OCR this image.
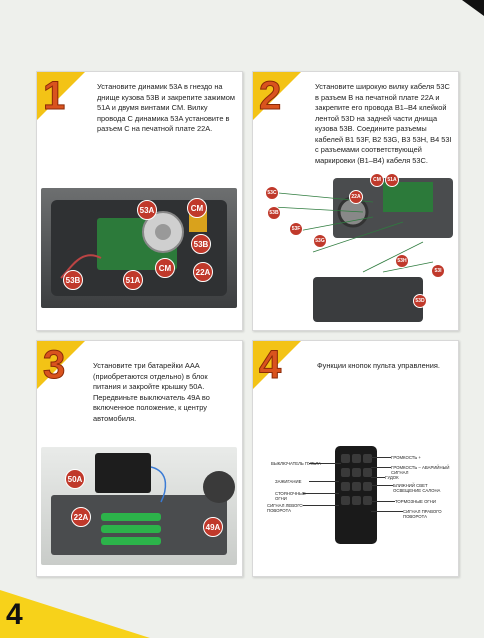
4
1	Установите динамик 53A в гнездо на днище кузова 53B и закрепите зажимом 51A и двумя винтами CM. Вилку провода С динамика 53A установите в разъем С на печатной плате 22A.
53A	CM
53B
CM	22A
53B	51A
2	Установите широкую вилку кабеля 53C в разъем В на печатной плате 22A и закрепите его провода В1–В4 клейкой лентой 53D на задней части днища кузова 53B. Соедините разъемы кабелей В1 53F, В2 53G, В3 53H, В4 53I с разъемами соответствующей маркировки (В1–В4) кабеля 53C.
CM	51A
53C
22A
53B
53F
53G
53H
53I
53D
3	Установите три батарейки ААА (приобретаются отдельно) в блок питания и закройте крышку 50A. Передвиньте выключатель 49A во включенное положение, к центру автомобиля.
50A
22A
49A
4	Функции кнопок пульта управления.
ВЫКЛЮЧАТЕЛЬ ПУЛЬТА
ЗАЖИГАНИЕ
СТОЯНОЧНЫЕ ОГНИ
СИГНАЛ ЛЕВОГО ПОВОРОТА
ГРОМКОСТЬ +
ГРОМКОСТЬ – АВАРИЙНЫЙ СИГНАЛ
ГУДОК
БЛИЖНИЙ СВЕТ ОСВЕЩЕНИЕ САЛОНА
ТОРМОЗНЫЕ ОГНИ
СИГНАЛ ПРАВОГО ПОВОРОТА
